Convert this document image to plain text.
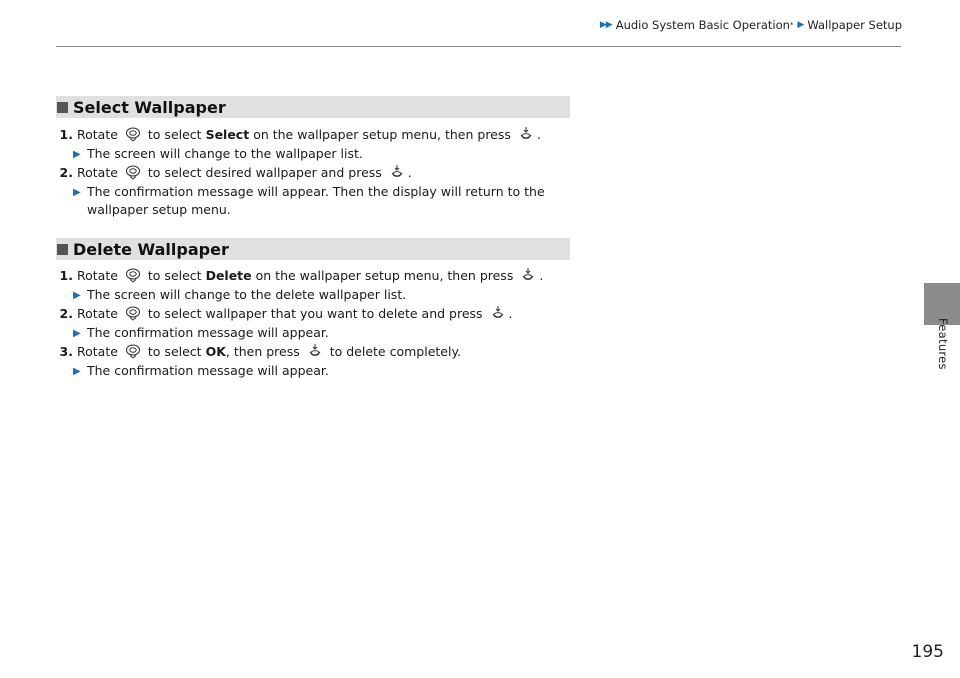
▶▶ Audio System Basic Operation * ▶ Wallpaper Setup
Features
Select Wallpaper
1. Rotate to select Select on the wallpaper setup menu, then press .
▶ The screen will change to the wallpaper list.
2. Rotate to select desired wallpaper and press .
▶ The confirmation message will appear. Then the display will return to the wallpaper setup menu.
Delete Wallpaper
1. Rotate to select Delete on the wallpaper setup menu, then press .
▶ The screen will change to the delete wallpaper list.
2. Rotate to select wallpaper that you want to delete and press .
▶ The confirmation message will appear.
3. Rotate to select OK, then press to delete completely.
▶ The confirmation message will appear.
195
